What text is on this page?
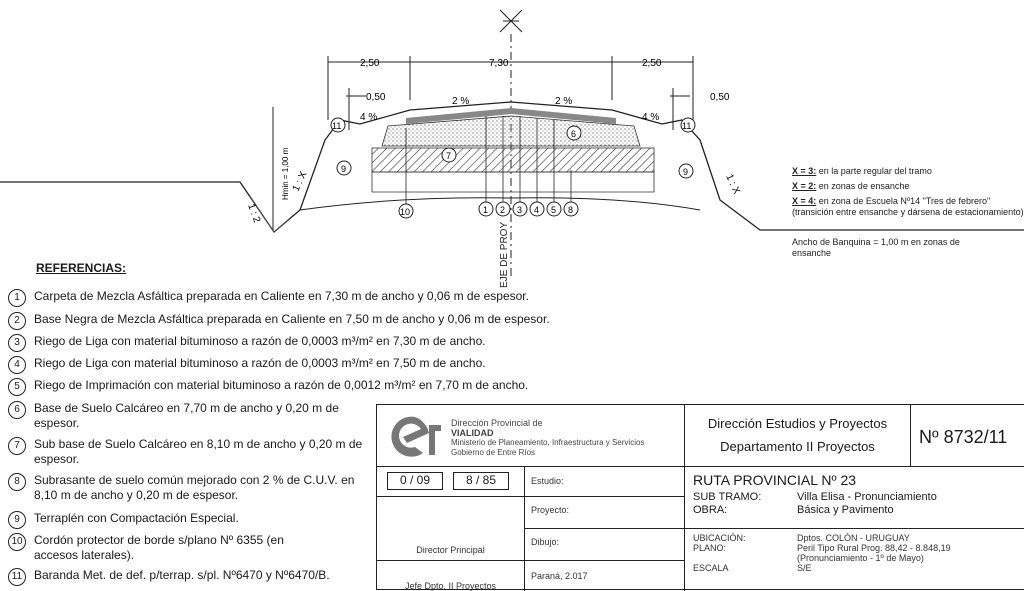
EJE DE PROY
2,50	7,30	2,50
0,50	0,50
Hmin = 1,00 m
2 %	2 %
4 %	4 %
1 : X	1 : X
1 : 2
11	11
9	9
7
6
10	1 2 3 4 5 8
X = 3: en la parte regular del tramo
X = 2: en zonas de ensanche
X = 4: en zona de Escuela Nº14 "Tres de febrero" (transición entre ensanche y dársena de estacionamiento)
Ancho de Banquina = 1,00 m en zonas de ensanche
REFERENCIAS:
1	Carpeta de Mezcla Asfáltica preparada en Caliente en 7,30 m de ancho y 0,06 m de espesor.
2	Base Negra de Mezcla Asfáltica preparada en Caliente en 7,50 m de ancho y 0,06 m de espesor.
3	Riego de Liga con material bituminoso a razón de 0,0003 m³/m² en 7,30 m de ancho.
4	Riego de Liga con material bituminoso a razón de 0,0003 m³/m² en 7,50 m de ancho.
5	Riego de Imprimación con material bituminoso a razón de 0,0012 m³/m² en 7,70 m de ancho.
6	Base de Suelo Calcáreo en 7,70 m de ancho y 0,20 m de espesor.
7	Sub base de Suelo Calcáreo en 8,10 m de ancho y 0,20 m de espesor.
8	Subrasante de suelo común mejorado con 2 % de C.U.V. en 8,10 m de ancho y 0,20 m de espesor.
9	Terraplén con Compactación Especial.
10 Cordón protector de borde s/plano Nº 6355 (en accesos laterales).
11 Baranda Met. de def. p/terrap. s/pl. Nº6470 y Nº6470/B.
Dirección Provincial de
VIALIDAD
Ministerio de Planeamiento, Infraestructura y Servicios
Gobierno de Entre Ríos
Dirección Estudios y Proyectos
Departamento II Proyectos	Nº 8732/11
0 / 09	8 / 85	Estudio:
Director Principal
Proyecto:
Dibujo:
Jefe Dpto. II Proyectos
Paraná, 2.017
RUTA PROVINCIAL Nº 23
SUB TRAMO:	Villa Elisa - Pronunciamiento
OBRA:	Básica y Pavimento
UBICACIÓN:	Dptos. COLÓN - URUGUAY
PLANO:	Peril Tipo Rural Prog. 88,42 - 8.848,19
(Pronunciamiento - 1º de Mayo)
ESCALA	S/E
